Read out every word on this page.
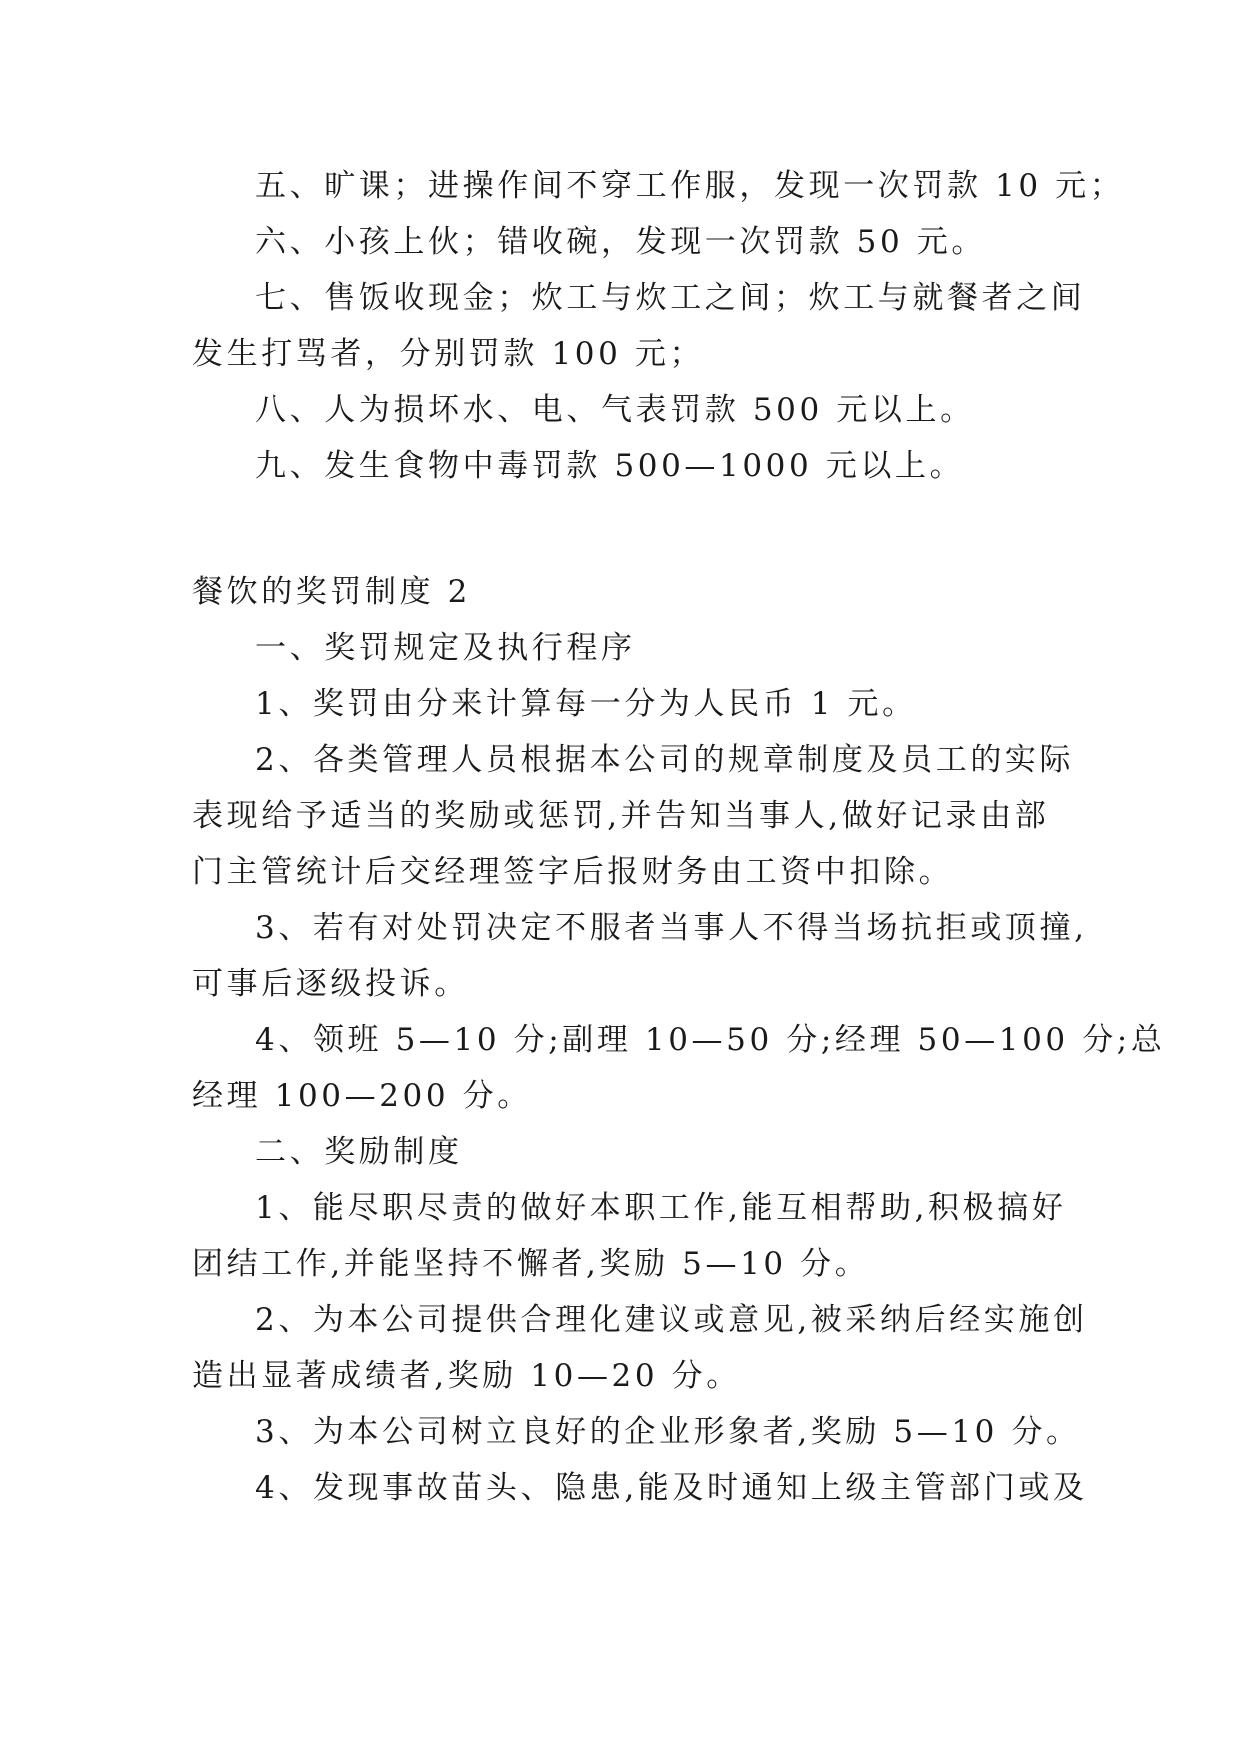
五、旷课；进操作间不穿工作服，发现一次罚款 10 元；
六、小孩上伙；错收碗，发现一次罚款 50 元。
七、售饭收现金；炊工与炊工之间；炊工与就餐者之间
发生打骂者，分别罚款 100 元；
八、人为损坏水、电、气表罚款 500 元以上。
九、发生食物中毒罚款 500—1000 元以上。
餐饮的奖罚制度 2
一、奖罚规定及执行程序
1、奖罚由分来计算每一分为人民币 1 元。
2、各类管理人员根据本公司的规章制度及员工的实际
表现给予适当的奖励或惩罚,并告知当事人,做好记录由部
门主管统计后交经理签字后报财务由工资中扣除。
3、若有对处罚决定不服者当事人不得当场抗拒或顶撞,
可事后逐级投诉。
4、领班 5—10 分;副理 10—50 分;经理 50—100 分;总
经理 100—200 分。
二、奖励制度
1、能尽职尽责的做好本职工作,能互相帮助,积极搞好
团结工作,并能坚持不懈者,奖励 5—10 分。
2、为本公司提供合理化建议或意见,被采纳后经实施创
造出显著成绩者,奖励 10—20 分。
3、为本公司树立良好的企业形象者,奖励 5—10 分。
4、发现事故苗头、隐患,能及时通知上级主管部门或及
